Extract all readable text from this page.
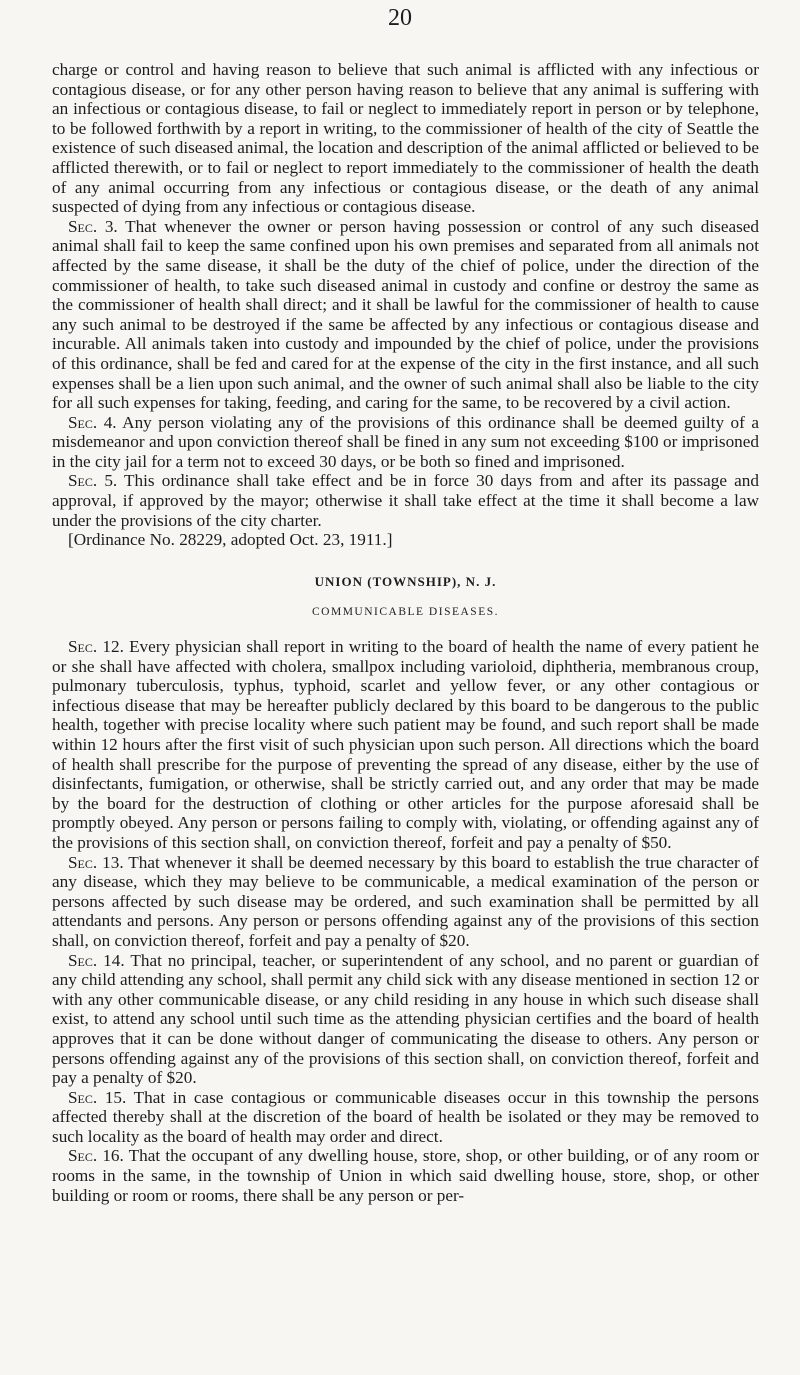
20

charge or control and having reason to believe that such animal is afflicted with any infectious or contagious disease, or for any other person having reason to believe that any animal is suffering with an infectious or contagious disease, to fail or neglect to immediately report in person or by telephone, to be followed forthwith by a report in writing, to the commissioner of health of the city of Seattle the existence of such diseased animal, the location and description of the animal afflicted or believed to be afflicted therewith, or to fail or neglect to report immediately to the commissioner of health the death of any animal occurring from any infectious or contagious disease, or the death of any animal suspected of dying from any infectious or contagious disease.

Sec. 3. That whenever the owner or person having possession or control of any such diseased animal shall fail to keep the same confined upon his own premises and separated from all animals not affected by the same disease, it shall be the duty of the chief of police, under the direction of the commissioner of health, to take such diseased animal in custody and confine or destroy the same as the commissioner of health shall direct; and it shall be lawful for the commissioner of health to cause any such animal to be destroyed if the same be affected by any infectious or contagious disease and incurable. All animals taken into custody and impounded by the chief of police, under the provisions of this ordinance, shall be fed and cared for at the expense of the city in the first instance, and all such expenses shall be a lien upon such animal, and the owner of such animal shall also be liable to the city for all such expenses for taking, feeding, and caring for the same, to be recovered by a civil action.

Sec. 4. Any person violating any of the provisions of this ordinance shall be deemed guilty of a misdemeanor and upon conviction thereof shall be fined in any sum not exceeding $100 or imprisoned in the city jail for a term not to exceed 30 days, or be both so fined and imprisoned.

Sec. 5. This ordinance shall take effect and be in force 30 days from and after its passage and approval, if approved by the mayor; otherwise it shall take effect at the time it shall become a law under the provisions of the city charter.

[Ordinance No. 28229, adopted Oct. 23, 1911.]

UNION (TOWNSHIP), N. J.
COMMUNICABLE DISEASES.

Sec. 12. Every physician shall report in writing to the board of health the name of every patient he or she shall have affected with cholera, smallpox including varioloid, diphtheria, membranous croup, pulmonary tuberculosis, typhus, typhoid, scarlet and yellow fever, or any other contagious or infectious disease that may be hereafter publicly declared by this board to be dangerous to the public health, together with precise locality where such patient may be found, and such report shall be made within 12 hours after the first visit of such physician upon such person. All directions which the board of health shall prescribe for the purpose of preventing the spread of any disease, either by the use of disinfectants, fumigation, or otherwise, shall be strictly carried out, and any order that may be made by the board for the destruction of clothing or other articles for the purpose aforesaid shall be promptly obeyed. Any person or persons failing to comply with, violating, or offending against any of the provisions of this section shall, on conviction thereof, forfeit and pay a penalty of $50.

Sec. 13. That whenever it shall be deemed necessary by this board to establish the true character of any disease, which they may believe to be communicable, a medical examination of the person or persons affected by such disease may be ordered, and such examination shall be permitted by all attendants and persons. Any person or persons offending against any of the provisions of this section shall, on conviction thereof, forfeit and pay a penalty of $20.

Sec. 14. That no principal, teacher, or superintendent of any school, and no parent or guardian of any child attending any school, shall permit any child sick with any disease mentioned in section 12 or with any other communicable disease, or any child residing in any house in which such disease shall exist, to attend any school until such time as the attending physician certifies and the board of health approves that it can be done without danger of communicating the disease to others. Any person or persons offending against any of the provisions of this section shall, on conviction thereof, forfeit and pay a penalty of $20.

Sec. 15. That in case contagious or communicable diseases occur in this township the persons affected thereby shall at the discretion of the board of health be isolated or they may be removed to such locality as the board of health may order and direct.

Sec. 16. That the occupant of any dwelling house, store, shop, or other building, or of any room or rooms in the same, in the township of Union in which said dwelling house, store, shop, or other building or room or rooms, there shall be any person or per-
